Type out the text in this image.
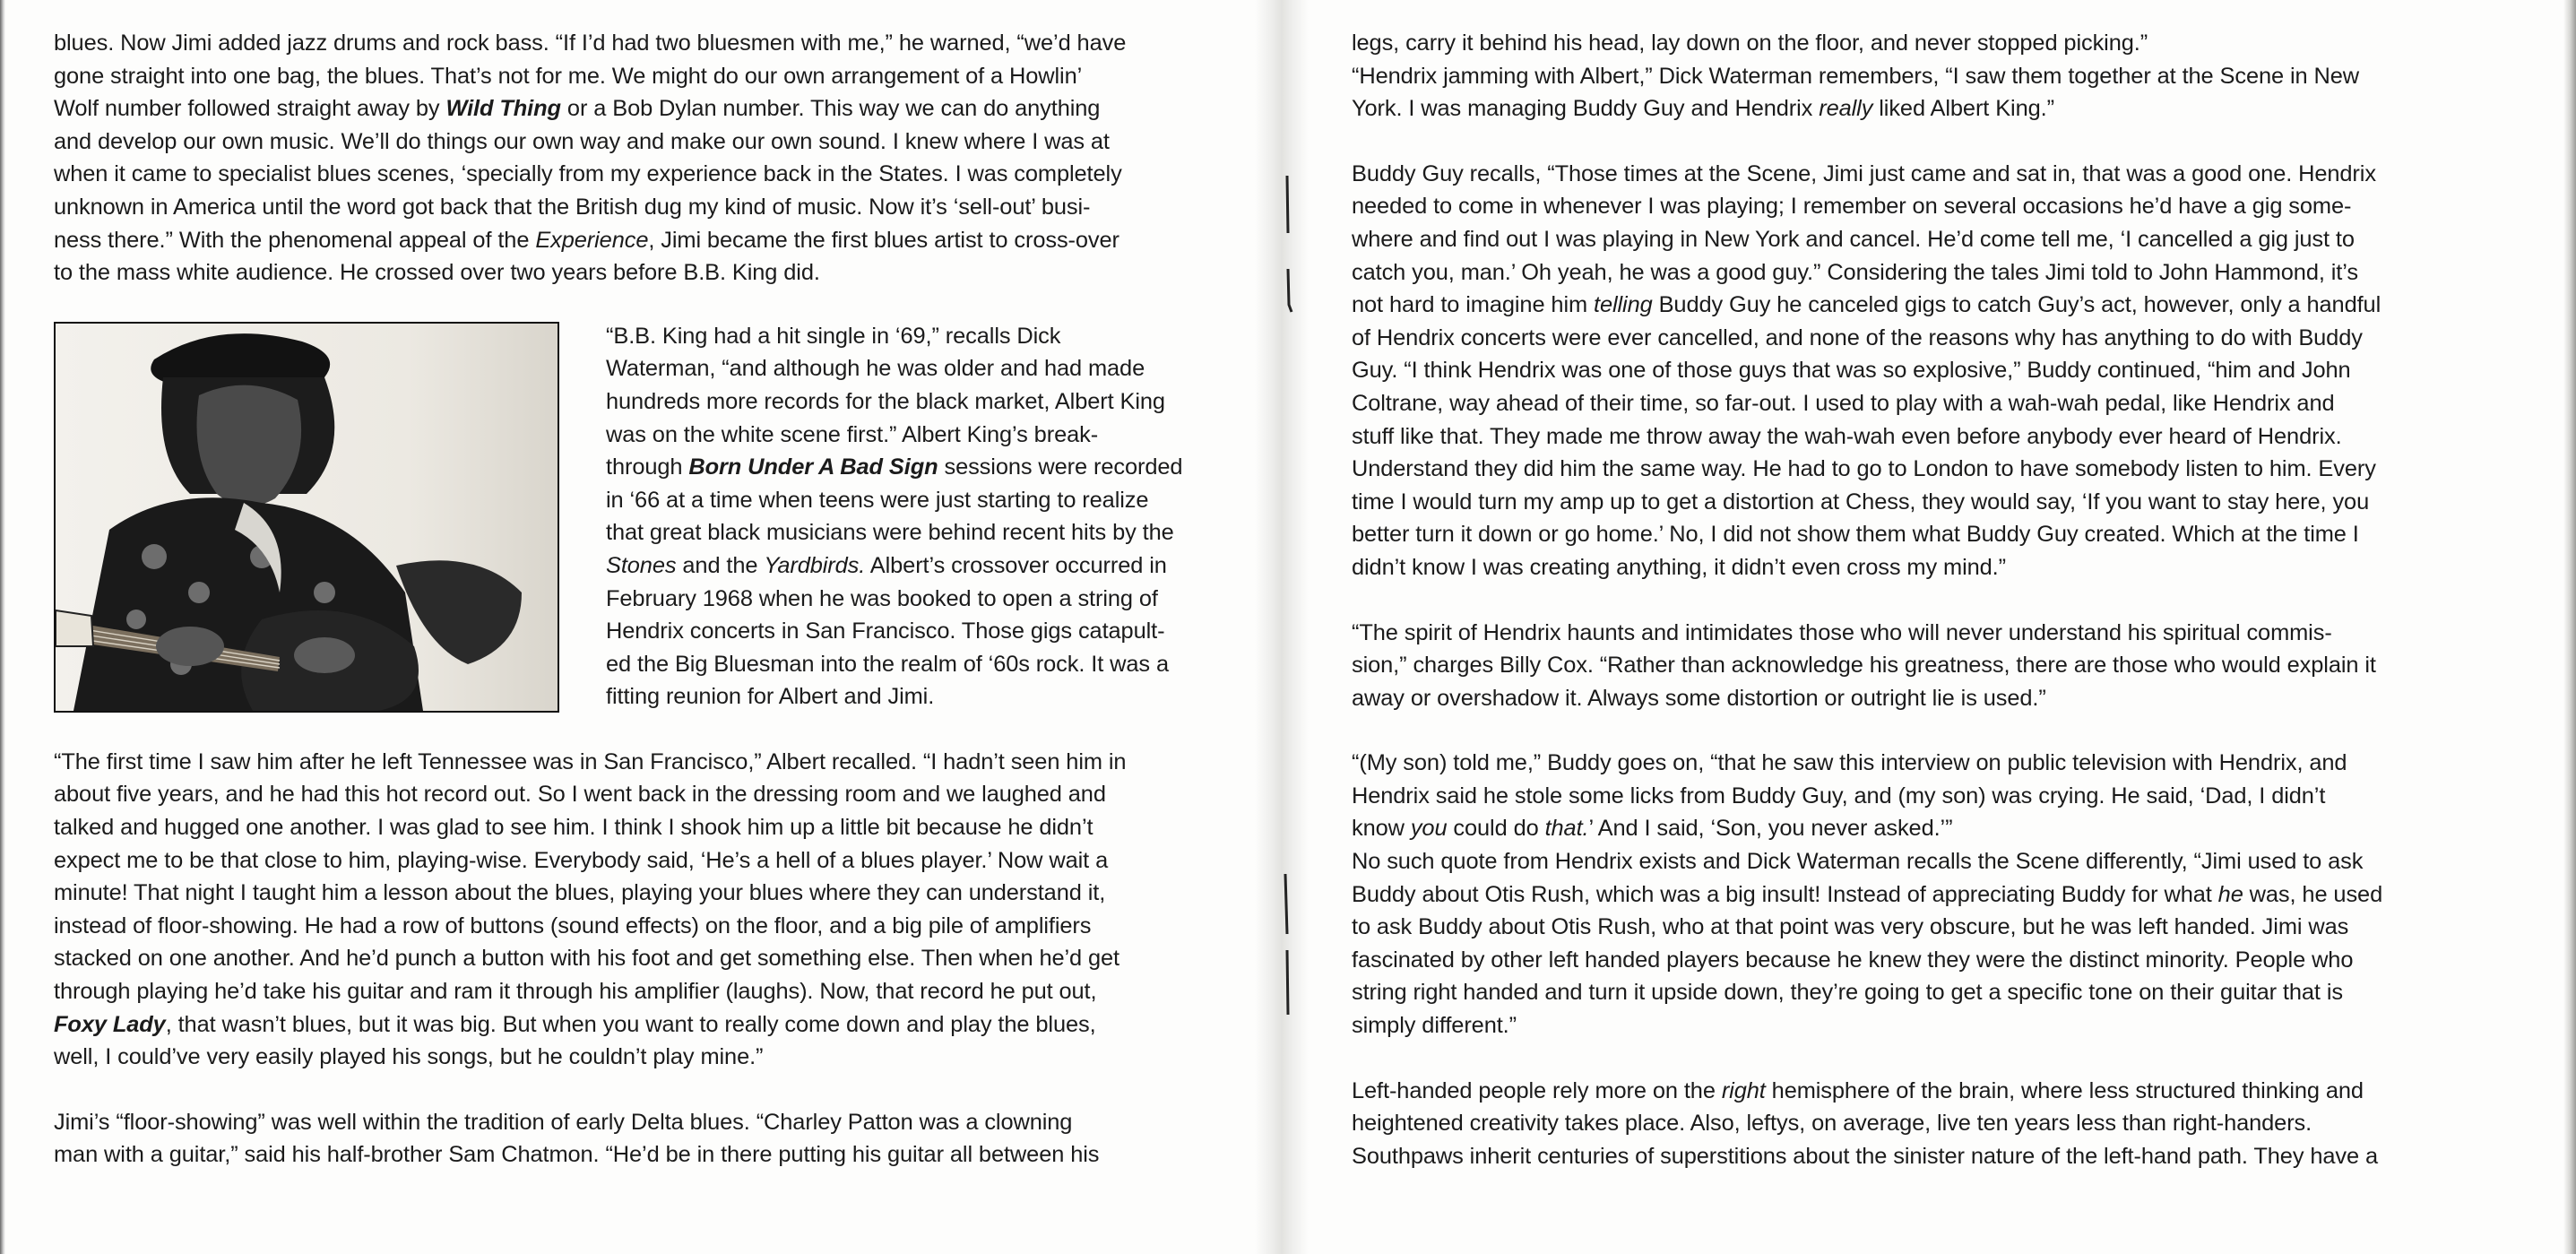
blues. Now Jimi added jazz drums and rock bass. “If I’d had two bluesmen with me,” he warned, “we’d have
gone straight into one bag, the blues. That’s not for me. We might do our own arrangement of a Howlin’
Wolf number followed straight away by Wild Thing or a Bob Dylan number. This way we can do anything
and develop our own music. We’ll do things our own way and make our own sound. I knew where I was at
when it came to specialist blues scenes, ‘specially from my experience back in the States. I was completely
unknown in America until the word got back that the British dug my kind of music. Now it’s ‘sell-out’ busi-
ness there.” With the phenomenal appeal of the Experience, Jimi became the first blues artist to cross-over
to the mass white audience. He crossed over two years before B.B. King did.
“B.B. King had a hit single in ‘69,” recalls Dick
Waterman, “and although he was older and had made
hundreds more records for the black market, Albert King
was on the white scene first.” Albert King’s break-
through Born Under A Bad Sign sessions were recorded
in ‘66 at a time when teens were just starting to realize
that great black musicians were behind recent hits by the
Stones and the Yardbirds. Albert’s crossover occurred in
February 1968 when he was booked to open a string of
Hendrix concerts in San Francisco. Those gigs catapult-
ed the Big Bluesman into the realm of ‘60s rock. It was a
fitting reunion for Albert and Jimi.
“The first time I saw him after he left Tennessee was in San Francisco,” Albert recalled. “I hadn’t seen him in
about five years, and he had this hot record out. So I went back in the dressing room and we laughed and
talked and hugged one another. I was glad to see him. I think I shook him up a little bit because he didn’t
expect me to be that close to him, playing-wise. Everybody said, ‘He’s a hell of a blues player.’ Now wait a
minute! That night I taught him a lesson about the blues, playing your blues where they can understand it,
instead of floor-showing. He had a row of buttons (sound effects) on the floor, and a big pile of amplifiers
stacked on one another. And he’d punch a button with his foot and get something else. Then when he’d get
through playing he’d take his guitar and ram it through his amplifier (laughs). Now, that record he put out,
Foxy Lady, that wasn’t blues, but it was big. But when you want to really come down and play the blues,
well, I could’ve very easily played his songs, but he couldn’t play mine.”
Jimi’s “floor-showing” was well within the tradition of early Delta blues. “Charley Patton was a clowning
man with a guitar,” said his half-brother Sam Chatmon. “He’d be in there putting his guitar all between his
legs, carry it behind his head, lay down on the floor, and never stopped picking.”
“Hendrix jamming with Albert,” Dick Waterman remembers, “I saw them together at the Scene in New
York. I was managing Buddy Guy and Hendrix really liked Albert King.”
Buddy Guy recalls, “Those times at the Scene, Jimi just came and sat in, that was a good one. Hendrix
needed to come in whenever I was playing; I remember on several occasions he’d have a gig some-
where and find out I was playing in New York and cancel. He’d come tell me, ‘I cancelled a gig just to
catch you, man.’ Oh yeah, he was a good guy.” Considering the tales Jimi told to John Hammond, it’s
not hard to imagine him telling Buddy Guy he canceled gigs to catch Guy’s act, however, only a handful
of Hendrix concerts were ever cancelled, and none of the reasons why has anything to do with Buddy
Guy. “I think Hendrix was one of those guys that was so explosive,” Buddy continued, “him and John
Coltrane, way ahead of their time, so far-out. I used to play with a wah-wah pedal, like Hendrix and
stuff like that. They made me throw away the wah-wah even before anybody ever heard of Hendrix.
Understand they did him the same way. He had to go to London to have somebody listen to him. Every
time I would turn my amp up to get a distortion at Chess, they would say, ‘If you want to stay here, you
better turn it down or go home.’ No, I did not show them what Buddy Guy created. Which at the time I
didn’t know I was creating anything, it didn’t even cross my mind.”
“The spirit of Hendrix haunts and intimidates those who will never understand his spiritual commis-
sion,” charges Billy Cox. “Rather than acknowledge his greatness, there are those who would explain it
away or overshadow it. Always some distortion or outright lie is used.”
“(My son) told me,” Buddy goes on, “that he saw this interview on public television with Hendrix, and
Hendrix said he stole some licks from Buddy Guy, and (my son) was crying. He said, ‘Dad, I didn’t
know you could do that.’ And I said, ‘Son, you never asked.’”
No such quote from Hendrix exists and Dick Waterman recalls the Scene differently, “Jimi used to ask
Buddy about Otis Rush, which was a big insult! Instead of appreciating Buddy for what he was, he used
to ask Buddy about Otis Rush, who at that point was very obscure, but he was left handed. Jimi was
fascinated by other left handed players because he knew they were the distinct minority. People who
string right handed and turn it upside down, they’re going to get a specific tone on their guitar that is
simply different.”
Left-handed people rely more on the right hemisphere of the brain, where less structured thinking and
heightened creativity takes place. Also, leftys, on average, live ten years less than right-handers.
Southpaws inherit centuries of superstitions about the sinister nature of the left-hand path. They have a
